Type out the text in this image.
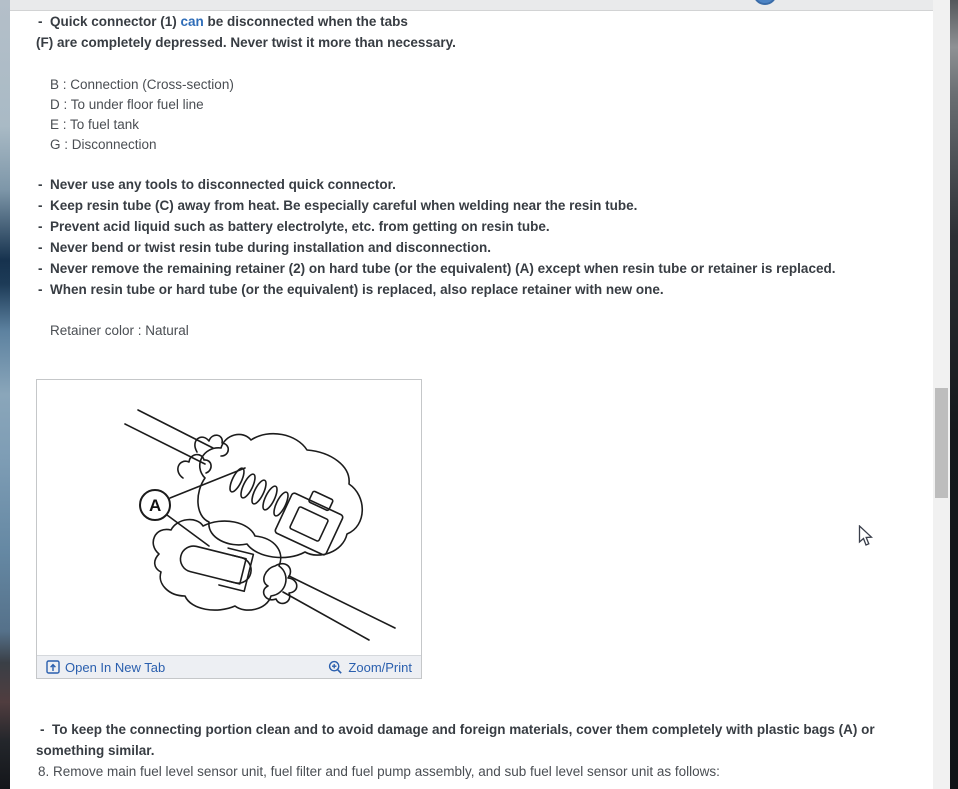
- Quick connector (1) can be disconnected when the tabs
(F) are completely depressed. Never twist it more than necessary.
B : Connection (Cross-section)
D : To under floor fuel line
E : To fuel tank
G : Disconnection
- Never use any tools to disconnected quick connector.
- Keep resin tube (C) away from heat. Be especially careful when welding near the resin tube.
- Prevent acid liquid such as battery electrolyte, etc. from getting on resin tube.
- Never bend or twist resin tube during installation and disconnection.
- Never remove the remaining retainer (2) on hard tube (or the equivalent) (A) except when resin tube or retainer is replaced.
- When resin tube or hard tube (or the equivalent) is replaced, also replace retainer with new one.
Retainer color : Natural
A
Open In New Tab	Zoom/Print
- To keep the connecting portion clean and to avoid damage and foreign materials, cover them completely with plastic bags (A) or
something similar.
8. Remove main fuel level sensor unit, fuel filter and fuel pump assembly, and sub fuel level sensor unit as follows:
